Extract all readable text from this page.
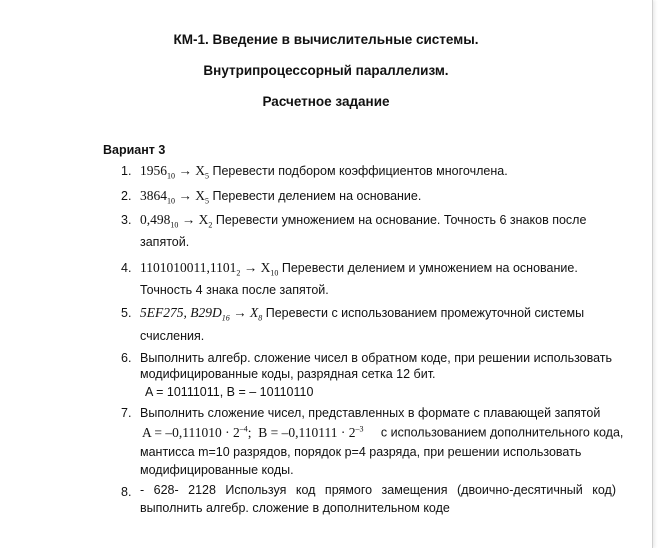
КМ-1. Введение в вычислительные системы.
Внутрипроцессорный параллелизм.
Расчетное задание
Вариант 3
1. $1956_{10} \to X_5$ Перевести подбором коэффициентов многочлена.
2. $3864_{10} \to X_5$ Перевести делением на основание.
3. $0,498_{10} \to X_2$ Перевести умножением на основание. Точность 6 знаков после
запятой.
4. $1101010011,1101_2 \to X_{10}$ Перевести делением и умножением на основание.
Точность 4 знака после запятой.
5. 5EF275, $B29D_{16} \to X_8$ Перевести с использованием промежуточной системы
счисления.
6. Выполнить алгебр. сложение чисел в обратном коде, при решении использовать
модифицированные коды, разрядная сетка 12 бит.
A = 10111011, B = – 10110110
7. Выполнить сложение чисел, представленных в формате с плавающей запятой
$A = -0,111010 \cdot 2^{-4}$; $B = -0,110111 \cdot 2^{-3}$ с использованием дополнительного кода,
мантисса m=10 разрядов, порядок p=4 разряда, при решении использовать
модифицированные коды.
8. - 628- 2128 Используя код прямого замещения (двоично-десятичный код)
выполнить алгебр. сложение в дополнительном коде
